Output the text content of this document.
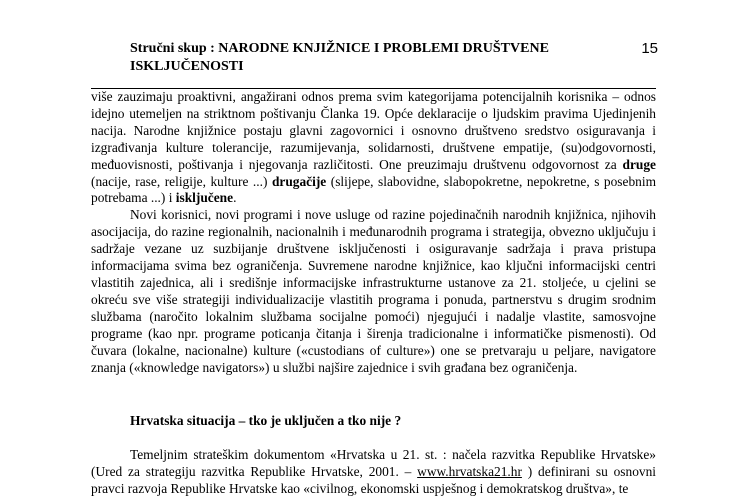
Stručni skup : NARODNE KNJIŽNICE I PROBLEMI DRUŠTVENE ISKLJUČENOSTI
15

više zauzimaju proaktivni, angažirani odnos prema svim kategorijama potencijalnih korisnika – odnos idejno utemeljen na striktnom poštivanju Članka 19. Opće deklaracije o ljudskim pravima Ujedinjenih nacija. Narodne knjižnice postaju glavni zagovornici i osnovno društveno sredstvo osiguravanja i izgrađivanja kulture tolerancije, razumijevanja, solidarnosti, društvene empatije, (su)odgovornosti, međuovisnosti, poštivanja i njegovanja različitosti. One preuzimaju društvenu odgovornost za druge (nacije, rase, religije, kulture ...) drugačije (slijepe, slabovidne, slabopokretne, nepokretne, s posebnim potrebama ...) i isključene.

Novi korisnici, novi programi i nove usluge od razine pojedinačnih narodnih knjižnica, njihovih asocijacija, do razine regionalnih, nacionalnih i međunarodnih programa i strategija, obvezno uključuju i sadržaje vezane uz suzbijanje društvene isključenosti i osiguravanje sadržaja i prava pristupa informacijama svima bez ograničenja. Suvremene narodne knjižnice, kao ključni informacijski centri vlastitih zajednica, ali i središnje informacijske infrastrukturne ustanove za 21. stoljeće, u cjelini se okreću sve više strategiji individualizacije vlastitih programa i ponuda, partnerstvu s drugim srodnim službama (naročito lokalnim službama socijalne pomoći) njegujući i nadalje vlastite, samosvojne programe (kao npr. programe poticanja čitanja i širenja tradicionalne i informatičke pismenosti). Od čuvara (lokalne, nacionalne) kulture («custodians of culture») one se pretvaraju u peljare, navigatore znanja («knowledge navigators») u službi najšire zajednice i svih građana bez ograničenja.

Hrvatska situacija – tko je uključen a tko nije ?

Temeljnim strateškim dokumentom «Hrvatska u 21. st. : načela razvitka Republike Hrvatske» (Ured za strategiju razvitka Republike Hrvatske, 2001. – www.hrvatska21.hr ) definirani su osnovni pravci razvoja Republike Hrvatske kao «civilnog, ekonomski uspješnog i demokratskog društva», te
